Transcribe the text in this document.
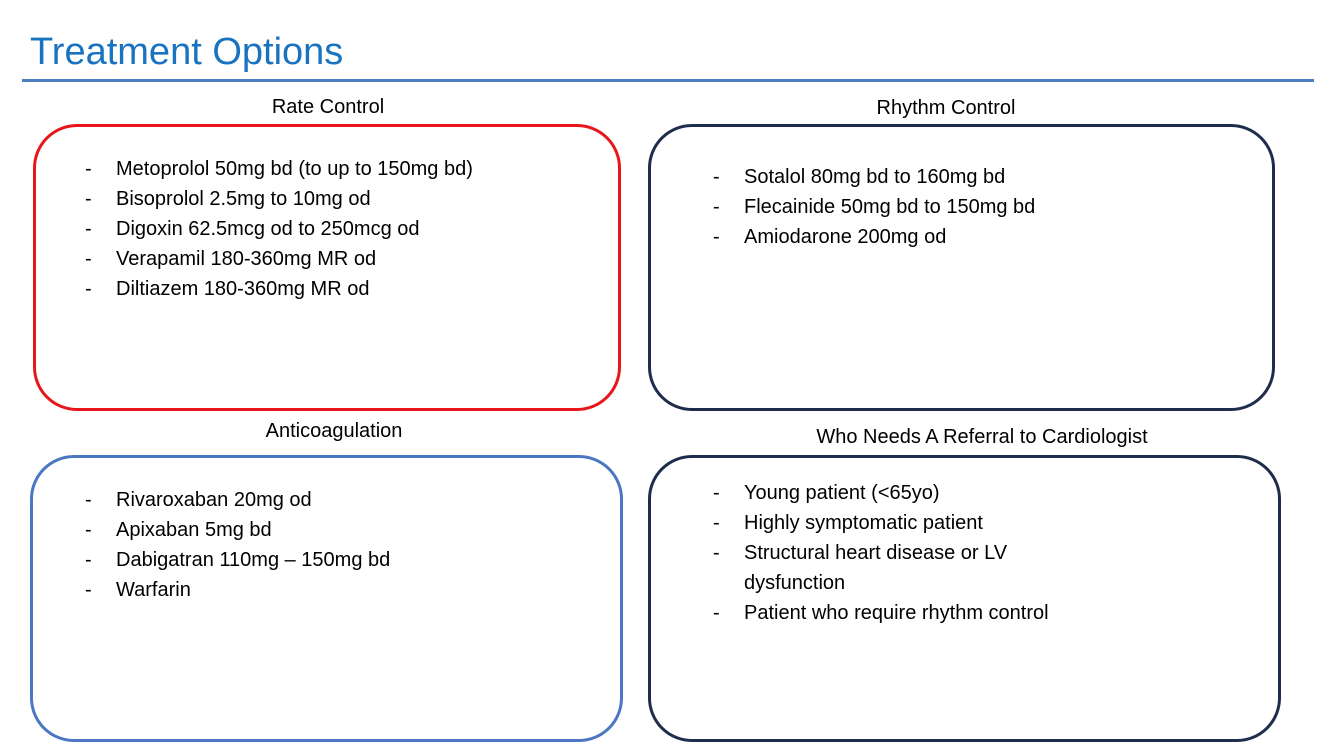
Treatment Options
Rate Control
-	Metoprolol 50mg bd (to up to 150mg bd)
-	Bisoprolol 2.5mg to 10mg od
-	Digoxin 62.5mcg od to 250mcg od
-	Verapamil 180-360mg MR od
-	Diltiazem 180-360mg MR od
Rhythm Control
-	Sotalol 80mg bd to 160mg bd
-	Flecainide 50mg bd to 150mg bd
-	Amiodarone 200mg od
Anticoagulation
-	Rivaroxaban 20mg od
-	Apixaban 5mg bd
-	Dabigatran 110mg – 150mg bd
-	Warfarin
Who Needs A Referral to Cardiologist
-	Young patient (<65yo)
-	Highly symptomatic patient
-	Structural heart disease or LV dysfunction
-	Patient who require rhythm control
